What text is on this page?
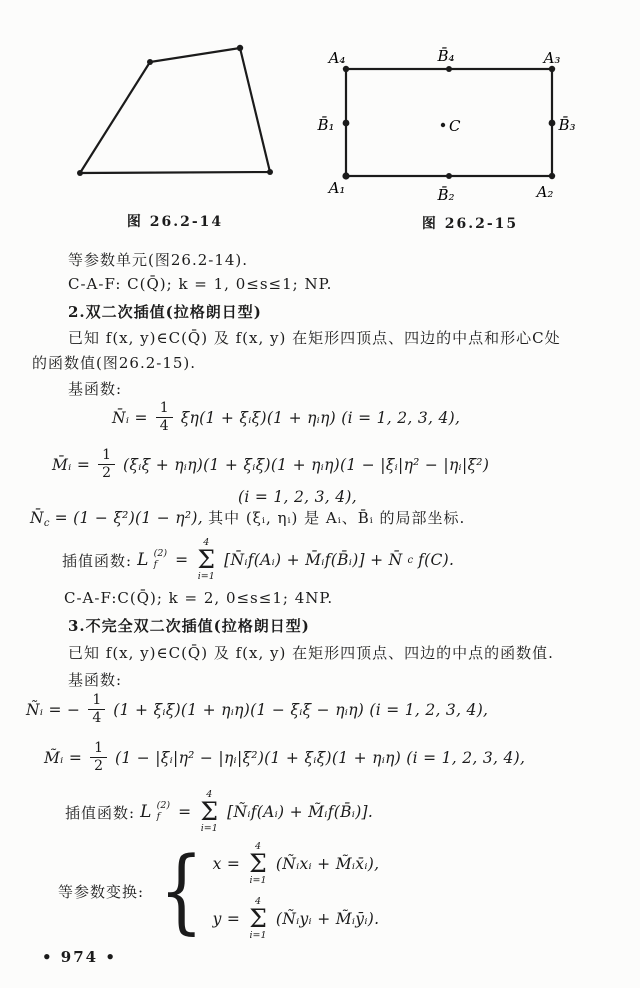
图 26.2-14
A₄	B̄₄	A₃
B̄₁	C	B̄₃
A₁	B̄₂	A₂
图 26.2-15
等参数单元(图26.2-14).
C-A-F: C(Q̄); k = 1, 0≤s≤1; NP.
2.双二次插值(拉格朗日型)
已知 f(x, y)∈C(Q̄) 及 f(x, y) 在矩形四顶点、四边的中点和形心C处
的函数值(图26.2-15).
基函数:
N̄ᵢ = $\frac{1}{4} \xi\eta(1$ + ξᵢξ)(1 + ηᵢη) (i = 1, 2, 3, 4),
M̄ᵢ = $\frac{1}{2}$ (ξᵢξ + ηᵢη)(1 + ξᵢξ)(1 + ηᵢη)(1 − |ξᵢ|η² − |ηᵢ|ξ²)
(i = 1, 2, 3, 4),
N̄c = (1 − ξ²)(1 − η²), 其中 (ξᵢ, ηᵢ) 是 Aᵢ、B̄ᵢ 的局部坐标.
插值函数: L (2)
f =
4
Σ
i=1
[N̄ᵢf(Aᵢ) + M̄ᵢf(B̄ᵢ)] + N̄ c f(C).
C-A-F:C(Q̄); k = 2, 0≤s≤1; 4NP.
3.不完全双二次插值(拉格朗日型)
已知 f(x, y)∈C(Q̄) 及 f(x, y) 在矩形四顶点、四边的中点的函数值.
基函数:
Ñᵢ = − $\frac{1}{4} (1$ + ξᵢξ)(1 + ηᵢη)(1 − ξᵢξ − ηᵢη) (i = 1, 2, 3, 4),
M̃ᵢ = $\frac{1}{2} (1$ − |ξᵢ|η² − |ηᵢ|ξ²)(1 + ξᵢξ)(1 + ηᵢη) (i = 1, 2, 3, 4),
插值函数: L (2)
f =
4
Σ
i=1
[Ñᵢf(Aᵢ) + M̃ᵢf(B̄ᵢ)].
等参数变换: { x =
4
Σ
i=1
(Ñᵢxᵢ + M̃ᵢx̄ᵢ),
y =
4
Σ
i=1
(Ñᵢyᵢ + M̃ᵢȳᵢ).
• 974 •
